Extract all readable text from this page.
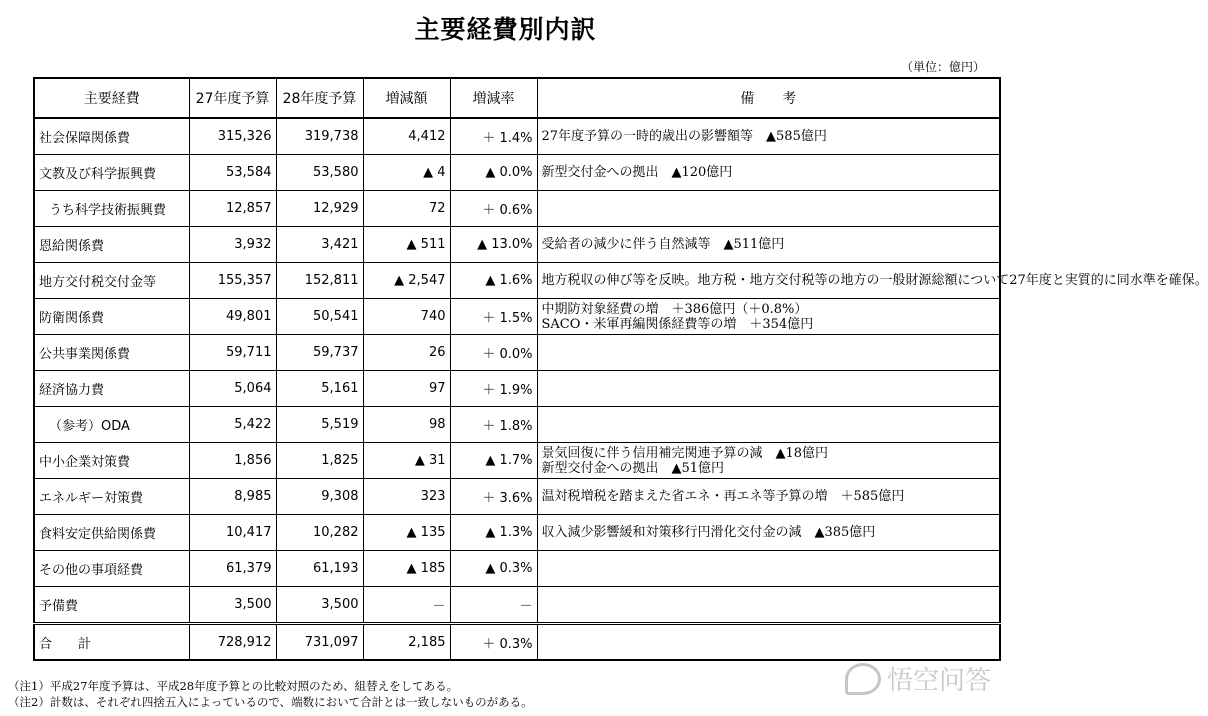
主要経費別内訳
（単位：億円）
主要経費	27年度予算	28年度予算	増減額	増減率	備　　考
社会保障関係費	315,326	319,738	4,412	＋ 1.4%	27年度予算の一時的歳出の影響額等　▲585億円

文教及び科学振興費	53,584	53,580	▲ 4	▲ 0.0%	新型交付金への拠出　▲120億円

うち科学技術振興費	12,857	12,929	72	＋ 0.6%	
恩給関係費	3,932	3,421	▲ 511	▲ 13.0%	受給者の減少に伴う自然減等　▲511億円

地方交付税交付金等	155,357	152,811	▲ 2,547	▲ 1.6%	地方税収の伸び等を反映。地方税・地方交付税等の地方の一般財源総額について27年度と実質的に同水準を確保。

防衛関係費	49,801	50,541	740	＋ 1.5%	中期防対象経費の増　＋386億円（＋0.8%）
SACO・米軍再編関係経費等の増　＋354億円

公共事業関係費	59,711	59,737	26	＋ 0.0%	
経済協力費	5,064	5,161	97	＋ 1.9%	
（参考）ODA	5,422	5,519	98	＋ 1.8%	
中小企業対策費	1,856	1,825	▲ 31	▲ 1.7%	景気回復に伴う信用補完関連予算の減　▲18億円
新型交付金への拠出　▲51億円

エネルギー対策費	8,985	9,308	323	＋ 3.6%	温対税増税を踏まえた省エネ・再エネ等予算の増　＋585億円

食料安定供給関係費	10,417	10,282	▲ 135	▲ 1.3%	収入減少影響緩和対策移行円滑化交付金の減　▲385億円

その他の事項経費	61,379	61,193	▲ 185	▲ 0.3%	
予備費	3,500	3,500	－	－	
合　　計	728,912	731,097	2,185	＋ 0.3%	
（注1）平成27年度予算は、平成28年度予算との比較対照のため、組替えをしてある。
（注2）計数は、それぞれ四捨五入によっているので、端数において合計とは一致しないものがある。
悟空问答
